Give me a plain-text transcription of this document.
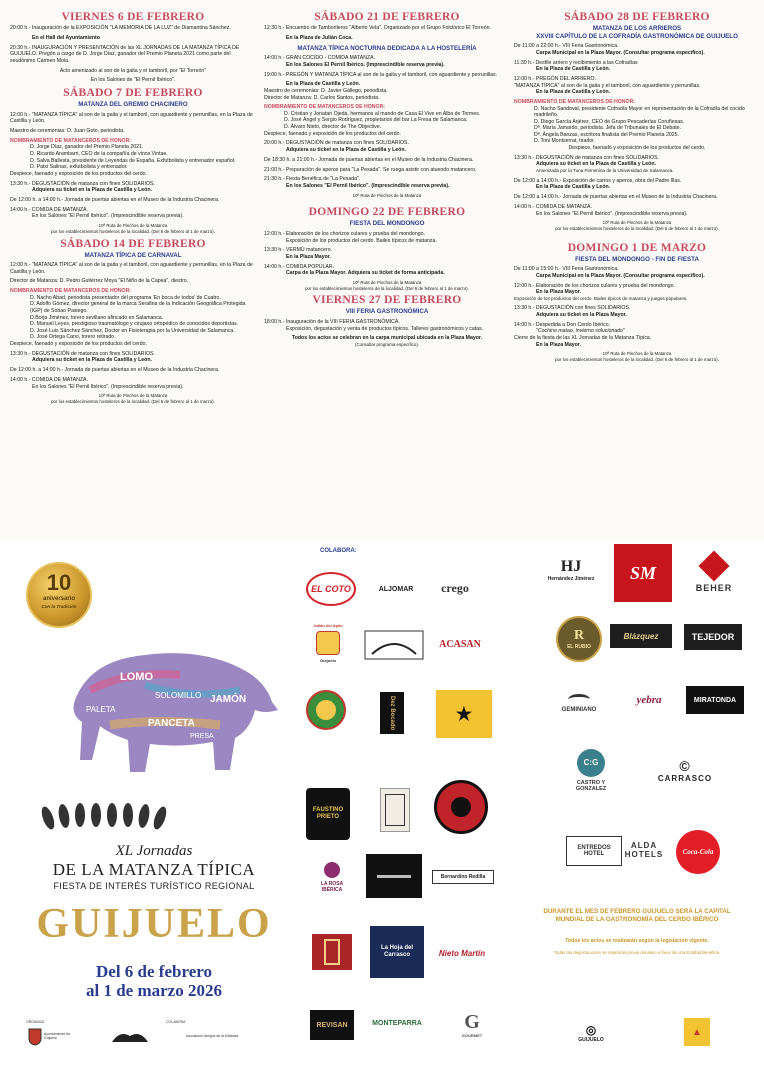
VIERNES 6 DE FEBRERO
20:00 h.- Inauguración de la EXPOSICIÓN "LA MEMORIA DE LA LUZ" de Diamantina Sánchez.
En el Hall del Ayuntamiento
20:30 h.- INAUGURACIÓN Y PRESENTACIÓN de las XL JORNADAS DE LA MATANZA TÍPICA DE GUIJUELO. Pregón a cargo de D. Jorge Díaz, ganador del Premio Planeta 2021 como parte del seudónimo Carmen Mola.
Acto amenizado al son de la gaita y el tamboril, por "El Torreón"
En los Salones de "El Pernil Ibérico".
SÁBADO 7 DE FEBRERO
MATANZA DEL GREMIO CHACINERO
12:00 h.- "MATANZA TÍPICA" al son de la gaita y el tamboril, con aguardiente y perrunillas, en la Plaza de Castilla y León.
Maestro de ceremonias: D. Juan Goto, periodista.
NOMBRAMIENTO DE MATANCEROS DE HONOR:
D. Jorge Díaz, ganador del Premio Planeta 2021.
D. Ricardo Arambarri, CEO de la compañía de vinos Vintae.
D. Salva Ballesta, presidente de Leyendas de España. Exfutbolista y entrenador español.
D. Patxi Salinas, exfutbolista y entrenador.
Despiece, faenado y exposición de los productos del cerdo.
13:30 h.- DEGUSTACIÓN de matanza con fines SOLIDARIOS.
Adquiera su ticket en la Plaza de Castilla y León.
De 12:00 h. a 14:00 h.- Jornada de puertas abiertas en el Museo de la Industria Chacinera.
14:00 h.- COMIDA DE MATANZA.
En los Salones "El Pernil Ibérico". (Imprescindible reserva previa).
10ª Ruta de Pinchos de la Matanza
por los establecimientos hosteleros de la localidad. (Del 6 de febrero al 1 de marzo).
SÁBADO 14 DE FEBRERO
MATANZA TÍPICA DE CARNAVAL
12:00 h.- "MATANZA TÍPICA" al son de la gaita y el tamboril, con aguardiente y perrunillas, en la Plaza de Castilla y León.
Director de Matanza: D. Pedro Gutiérrez Moya "El Niño de la Capea", diestro.
NOMBRAMIENTO DE MATANCEROS DE HONOR:
D. Nacho Abad, periodista presentador del programa 'En boca de todos' de Cuatro.
D. Adolfo Gómez, director general de la marca Serafina de la Indicación Geográfica Protegida (IGP) de Sobao Pasiego.
D.Borja Jiménez, torero sevillano afincado en Salamanca.
D. Manuel Leyes, prestigioso traumatólogo y cirujano ortopédico de conocidos deportistas.
D. José Luis Sánchez Sánchez, Doctor en Fisioterapia por la Universidad de Salamanca.
D. José Ortega Cano, torero retirado.
Despiece, faenado y exposición de los productos del cerdo.
13:30 h.- DEGUSTACIÓN de matanza con fines SOLIDARIOS.
Adquiera su ticket en la Plaza de Castilla y León.
De 12:00 h. a 14:00 h.- Jornada de puertas abiertas en el Museo de la Industria Chacinera.
14:00 h.- COMIDA DE MATANZA.
En los Salones "El Pernil Ibérico". (Imprescindible reserva previa).
10ª Ruta de Pinchos de la Matanza
por los establecimientos hosteleros de la localidad. (Del 6 de febrero al 1 de marzo).
SÁBADO 21 DE FEBRERO
12:30 h.- Encuentro de Tamborileros "Alberto Vela". Organizado por el Grupo Folclórico El Torreón.
En la Plaza de Julián Coca.
MATANZA TÍPICA NOCTURNA DEDICADA A LA HOSTELERÍA
14:00 h.- GRAN COCIDO - COMIDA MATANZA.
En los Salones El Pernil Ibérico. (Imprescindible reserva previa).
19:00 h.- PREGÓN Y MATANZA TÍPICA al son de la gaita y el tamboril, con aguardiente y perrunillas.
En la Plaza de Castilla y León.
Maestro de ceremonias: D. Javier Gállego, periodista.
Director de Matanza: D. Carlos Santos, periodista.
NOMBRAMIENTO DE MATANCEROS DE HONOR:
D. Cristian y Jonatan Ojeda, hermanos al mando de Casa El Vive en Alba de Tormes.
D. José Ángel y Sergio Rodríguez, propietarios del bar La Fresa de Salamanca.
D. Álvaro Nieto, director de The Objective.
Despiece, faenado y exposición de los productos del cerdo.
20:00 h.- DEGUSTACIÓN de matanza con fines SOLIDARIOS.
Adquiera su ticket en la Plaza de Castilla y León.
De 18:30 h. a 21:00 h.- Jornada de puertas abiertas en el Museo de la Industria Chacinera.
21:00 h.- Preparación de aperos para "La Pesada". Se ruega asistir con atuendo matancero.
21:30 h.- Fiesta Benéfica de "La Pesada".
En los Salones "El Pernil Ibérico". (Imprescindible reserva previa).
10ª Ruta de Pinchos de la Matanza
DOMINGO 22 DE FEBRERO
FIESTA DEL MONDONGO
12:00 h.- Elaboración de los chorizos culares y prueba del mondongo.
Exposición de los productos del cerdo. Bailes típicos de matanza.
13:30 h.- VERMÚ matancero.
En la Plaza Mayor.
14:00 h.- COMIDA POPULAR.
Carpa de la Plaza Mayor. Adquiera su ticket de forma anticipada.
10ª Ruta de Pinchos de la Matanza
por los establecimientos hosteleros de la localidad. (Del 6 de febrero al 1 de marzo).
VIERNES 27 DE FEBRERO
VIII FERIA GASTRONÓMICA
18:00 h.- Inauguración de la VIII FERIA GASTRONÓMICA.
Exposición, degustación y venta de productos típicos. Talleres gastronómicos y catas.
Todos los actos se celebran en la carpa municipal ubicada en la Plaza Mayor.
(Consultar programa específico).
SÁBADO 28 DE FEBRERO
MATANZA DE LOS ARRIEROS
XXVIII CAPÍTULO DE LA COFRADÍA GASTRONÓMICA DE GUIJUELO
De 11:00 a 22:00 h.- VIII Feria Gastronómica.
Carpa Municipal en la Plaza Mayor. (Consultar programa específico).
11:30 h.- Desfile arriero y recibimiento a las Cofradías
En la Plaza de Castilla y León.
12:00 h.- PREGÓN DEL ARRIERO.
"MATANZA TÍPICA" al son de la gaita y el tamboril, con aguardiente y perrunillas.
En la Plaza de Castilla y León.
NOMBRAMIENTO DE MATANCEROS DE HONOR:
D. Nacho Sandoval, presidente Cofradía Mayor en representación de la Cofradía del cocido madrileño.
D. Diego García Arjérez, CEO de Grupo Pescaderías Coruñesas.
Dª. María Jamardo, periodista. Jefa de Tribunales de El Debate.
Dª. Ángela Banzas, escritora finalista del Premio Planeta 2025.
D. Toni Montserrat, tirador.
Despiece, faenado y exposición de los productos del cerdo.
13:30 h.- DEGUSTACIÓN de matanza con fines SOLIDARIOS.
Adquiera su ticket en la Plaza de Castilla y León.
Amenizada por la Tuna Femenina de la Universidad de Salamanca.
De 12:00 a 14:00 h.- Exposición de carros y aperos, obra del Padre Illas.
En la Plaza de Castilla y León.
De 12:00 a 14:00 h.- Jornada de puertas abiertas en el Museo de la Industria Chacinera.
14:00 h.- COMIDA DE MATANZA.
En los Salones "El Pernil Ibérico". (Imprescindible reserva previa).
10ª Ruta de Pinchos de la Matanza
por los establecimientos hosteleros de la localidad. (Del 6 de febrero al 1 de marzo).
DOMINGO 1 DE MARZO
FIESTA DEL MONDONGO - FIN DE FIESTA
De 11:00 a 15:00 h.- VIII Feria Gastronómica.
Carpa Municipal en la Plaza Mayor. (Consultar programa específico).
12:00 h.- Elaboración de los chorizos culares y prueba del mondongo.
En la Plaza Mayor.
Exposición de los productos del cerdo. Bailes típicos de matanza y juegos populares.
13:30 h.- DEGUSTACIÓN con fines SOLIDARIOS.
Adquiera su ticket en la Plaza Mayor.
14:00 h.- Despedida a Don Cerdo Ibérico.
"Cochino matao, invierno solucionado"
Cierre de la fiesta de las XL Jornadas de la Matanza Típica.
En la Plaza Mayor.
10ª Ruta de Pinchos de la Matanza
por los establecimientos hosteleros de la localidad. (Del 6 de febrero al 1 de marzo).
10
aniversario
Con la Tradición
LOMO
JAMÓN
PANCETA
SOLOMILLO
PALETA
PRESA
XL Jornadas
DE LA MATANZA TÍPICA
FIESTA DE INTERÉS TURÍSTICO REGIONAL
GUIJUELO
Del 6 de febrero
al 1 de marzo 2026
ORGANIZA	COLABORA
Ayuntamiento de Guijuelo	Asociación Amigos de la Matanza
COLABORA:
EL COTO	ALJOMAR	crego
Julián del Apilo
Guijuelo
ACASAN
Dez Bocado	★
FAUSTINO PRIETO
LA ROSA IBÉRICA
Bernardino Redilla
La Hoja del Carrasco	Nieto Martín
REVISAN	MONTEPARRA G
GOURMET
HJ
Hernández Jiménez	SM
BEHER
R
EL RUBIO
Blázquez	TEJEDOR
GEMINIANO
yebra	MIRATONDA
C:G
CASTRO Y GONZALEZ
©
CARRASCO
ENTREDOS HOTEL
ALDA HOTELS	Coca-Cola
DURANTE EL MES DE FEBRERO GUIJUELO SERÁ LA CAPITAL MUNDIAL DE LA GASTRONOMÍA DEL CERDO IBÉRICO
Todos los actos se realizarán según la legislación vigente.
Todas las degustaciones se repartirán previo donativo a favor de una Entidad Benéfica.
◎
GUIJUELO
▲
